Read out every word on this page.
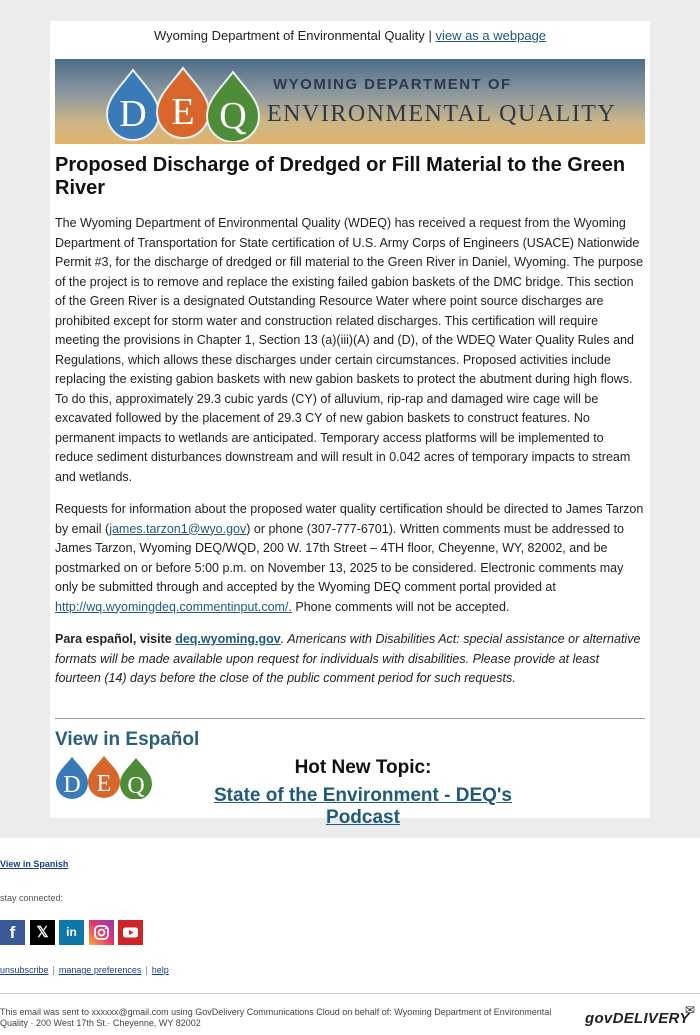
Wyoming Department of Environmental Quality | view as a webpage
D E Q
WYOMING DEPARTMENT OF
ENVIRONMENTAL QUALITY
Proposed Discharge of Dredged or Fill Material to the Green River

The Wyoming Department of Environmental Quality (WDEQ) has received a request from the Wyoming Department of Transportation for State certification of U.S. Army Corps of Engineers (USACE) Nationwide Permit #3, for the discharge of dredged or fill material to the Green River in Daniel, Wyoming. The purpose of the project is to remove and replace the existing failed gabion baskets of the DMC bridge. This section of the Green River is a designated Outstanding Resource Water where point source discharges are prohibited except for storm water and construction related discharges. This certification will require meeting the provisions in Chapter 1, Section 13 (a)(iii)(A) and (D), of the WDEQ Water Quality Rules and Regulations, which allows these discharges under certain circumstances. Proposed activities include replacing the existing gabion baskets with new gabion baskets to protect the abutment during high flows. To do this, approximately 29.3 cubic yards (CY) of alluvium, rip-rap and damaged wire cage will be excavated followed by the placement of 29.3 CY of new gabion baskets to construct features. No permanent impacts to wetlands are anticipated. Temporary access platforms will be implemented to reduce sediment disturbances downstream and will result in 0.042 acres of temporary impacts to stream and wetlands.

Requests for information about the proposed water quality certification should be directed to James Tarzon by email (james.tarzon1@wyo.gov) or phone (307-777-6701). Written comments must be addressed to James Tarzon, Wyoming DEQ/WQD, 200 W. 17th Street – 4TH floor, Cheyenne, WY, 82002, and be postmarked on or before 5:00 p.m. on November 13, 2025 to be considered. Electronic comments may only be submitted through and accepted by the Wyoming DEQ comment portal provided at http://wq.wyomingdeq.commentinput.com/. Phone comments will not be accepted.

Para español, visite deq.wyoming.gov. Americans with Disabilities Act: special assistance or alternative formats will be made available upon request for individuals with disabilities. Please provide at least fourteen (14) days before the close of the public comment period for such requests.

View in Español
D E Q
Hot New Topic:
State of the Environment - DEQ's Podcast
View in Spanish
stay connected:
f	𝕏	in
unsubscribe | manage preferences | help
This email was sent to xxxxxx@gmail.com using GovDelivery Communications Cloud on behalf of: Wyoming Department of Environmental Quality · 200 West 17th St.· Cheyenne, WY 82002	govDELIVERY
✉
